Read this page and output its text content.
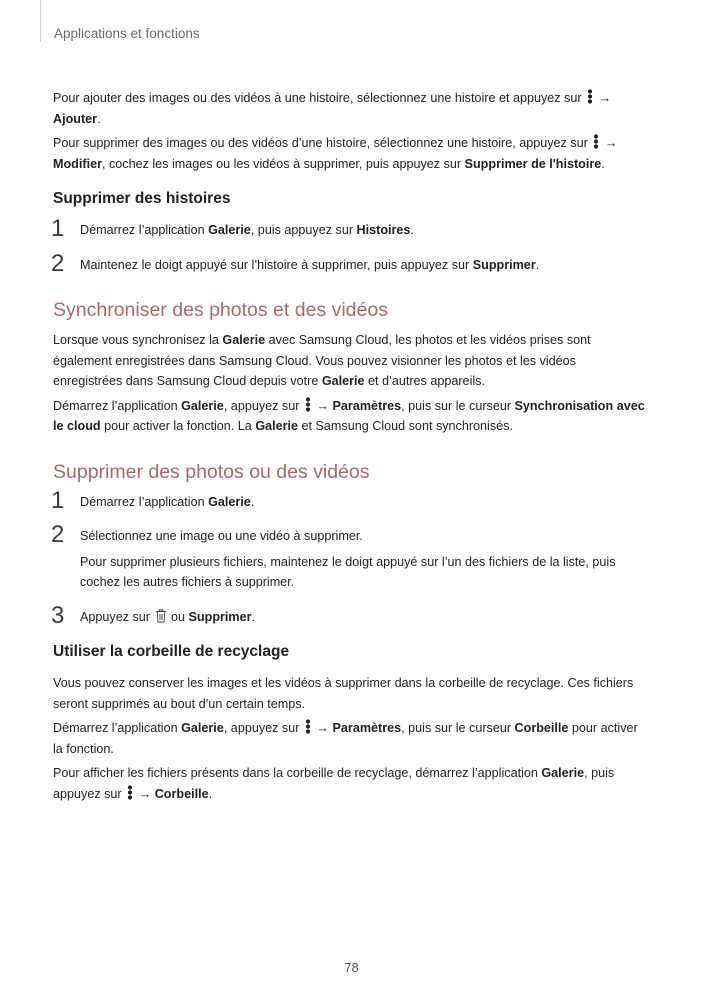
Applications et fonctions

Pour ajouter des images ou des vidéos à une histoire, sélectionnez une histoire et appuyez sur → Ajouter.

Pour supprimer des images ou des vidéos d’une histoire, sélectionnez une histoire, appuyez sur → Modifier, cochez les images ou les vidéos à supprimer, puis appuyez sur Supprimer de l'histoire.

Supprimer des histoires
1 Démarrez l’application Galerie, puis appuyez sur Histoires.
2 Maintenez le doigt appuyé sur l’histoire à supprimer, puis appuyez sur Supprimer.
Synchroniser des photos et des vidéos

Lorsque vous synchronisez la Galerie avec Samsung Cloud, les photos et les vidéos prises sont également enregistrées dans Samsung Cloud. Vous pouvez visionner les photos et les vidéos enregistrées dans Samsung Cloud depuis votre Galerie et d’autres appareils.

Démarrez l’application Galerie, appuyez sur → Paramètres, puis sur le curseur Synchronisation avec le cloud pour activer la fonction. La Galerie et Samsung Cloud sont synchronisés.

Supprimer des photos ou des vidéos
1 Démarrez l’application Galerie.
2 Sélectionnez une image ou une vidéo à supprimer.

Pour supprimer plusieurs fichiers, maintenez le doigt appuyé sur l’un des fichiers de la liste, puis cochez les autres fichiers à supprimer.

3 Appuyez sur ou Supprimer.
Utiliser la corbeille de recyclage

Vous pouvez conserver les images et les vidéos à supprimer dans la corbeille de recyclage. Ces fichiers seront supprimés au bout d’un certain temps.

Démarrez l’application Galerie, appuyez sur → Paramètres, puis sur le curseur Corbeille pour activer la fonction.

Pour afficher les fichiers présents dans la corbeille de recyclage, démarrez l’application Galerie, puis appuyez sur → Corbeille.

78
